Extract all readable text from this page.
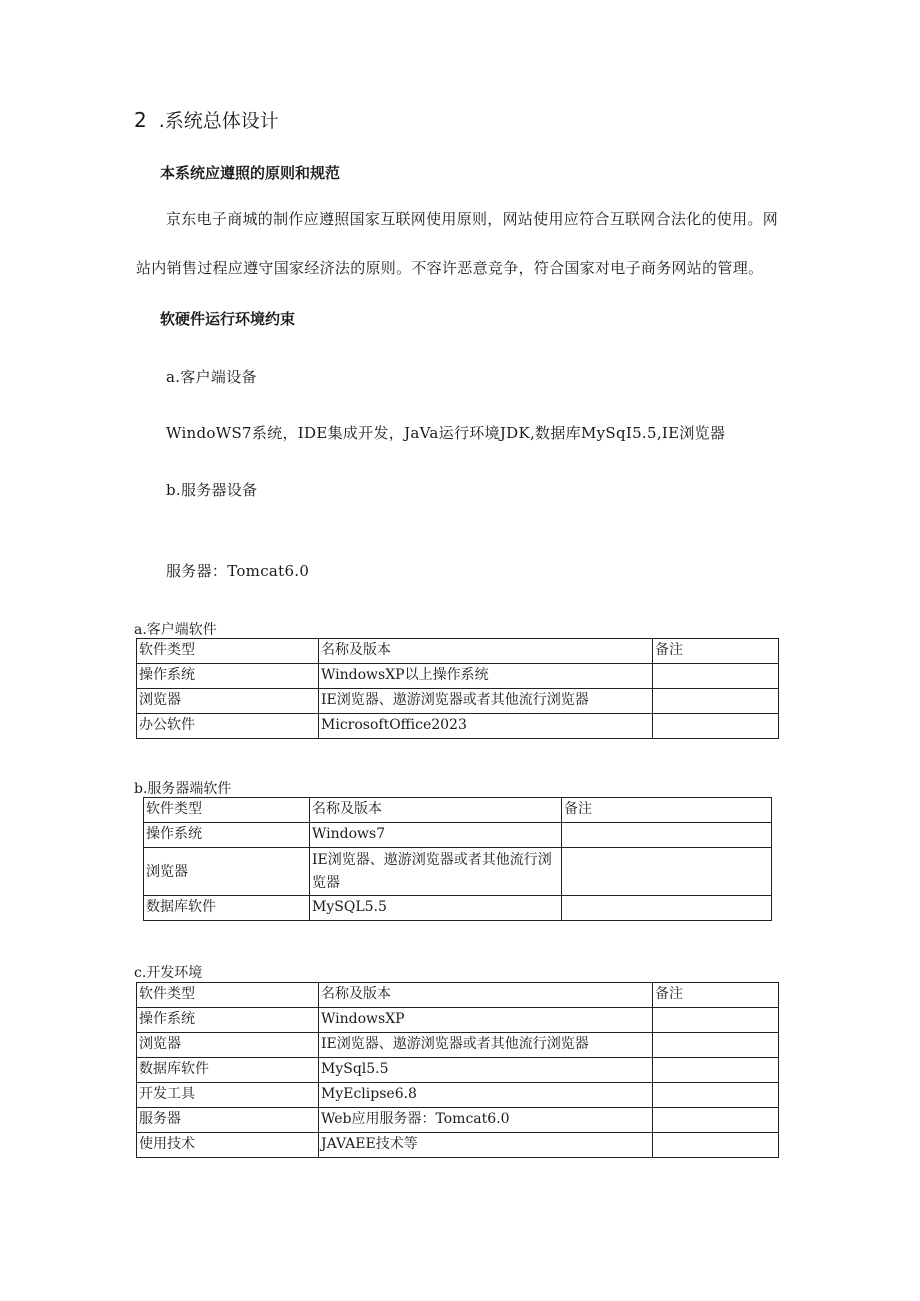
2 .系统总体设计
本系统应遵照的原则和规范
京东电子商城的制作应遵照国家互联网使用原则，网站使用应符合互联网合法化的使用。网
站内销售过程应遵守国家经济法的原则。不容许恶意竞争，符合国家对电子商务网站的管理。
软硬件运行环境约束
a.客户端设备
WindoWS7系统，IDE集成开发，JaVa运行环境JDK,数据库MySqI5.5,IE浏览器
b.服务器设备
服务器：Tomcat6.0
a.客户端软件
软件类型	名称及版本	备注
操作系统	WindowsXP以上操作系统	
浏览器	IE浏览器、遨游浏览器或者其他流行浏览器	
办公软件	MicrosoftOffice2023	
b.服务器端软件
软件类型	名称及版本	备注
操作系统	Windows7	
浏览器	IE浏览器、遨游浏览器或者其他流行浏览器	
数据库软件	MySQL5.5	
c.开发环境
软件类型	名称及版本	备注
操作系统	WindowsXP	
浏览器	IE浏览器、遨游浏览器或者其他流行浏览器	
数据库软件	MySql5.5	
开发工具	MyEclipse6.8	
服务器	Web应用服务器：Tomcat6.0	
使用技术	JAVAEE技术等	
